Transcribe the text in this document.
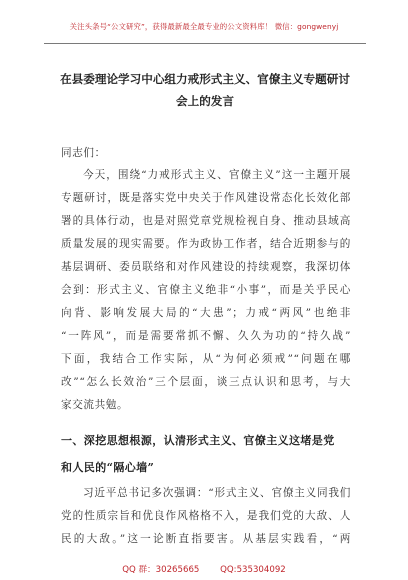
关注头条号“公文研究”，获得最新最全最专业的公文资料库！ 微信：gongwenyj
在县委理论学习中心组力戒形式主义、官僚主义专题研讨
会上的发言
同志们：
今天，围绕“力戒形式主义、官僚主义”这一主题开展
专题研讨，既是落实党中央关于作风建设常态化长效化部
署的具体行动，也是对照党章党规检视自身、推动县域高
质量发展的现实需要。作为政协工作者，结合近期参与的
基层调研、委员联络和对作风建设的持续观察，我深切体
会到：形式主义、官僚主义绝非“小事”，而是关乎民心
向背、影响发展大局的“大患”；力戒“两风”也绝非
“一阵风”，而是需要常抓不懈、久久为功的“持久战”
下面，我结合工作实际，从“为何必须戒”“问题在哪
改”“怎么长效治”三个层面，谈三点认识和思考，与大
家交流共勉。
一、深挖思想根源，认清形式主义、官僚主义这堵是党
和人民的“隔心墙”
习近平总书记多次强调：“形式主义、官僚主义同我们
党的性质宗旨和优良作风格格不入，是我们党的大敌、人
民的大敌。”这一论断直指要害。从基层实践看，“两
QQ 群：30265665 QQ:535304092
